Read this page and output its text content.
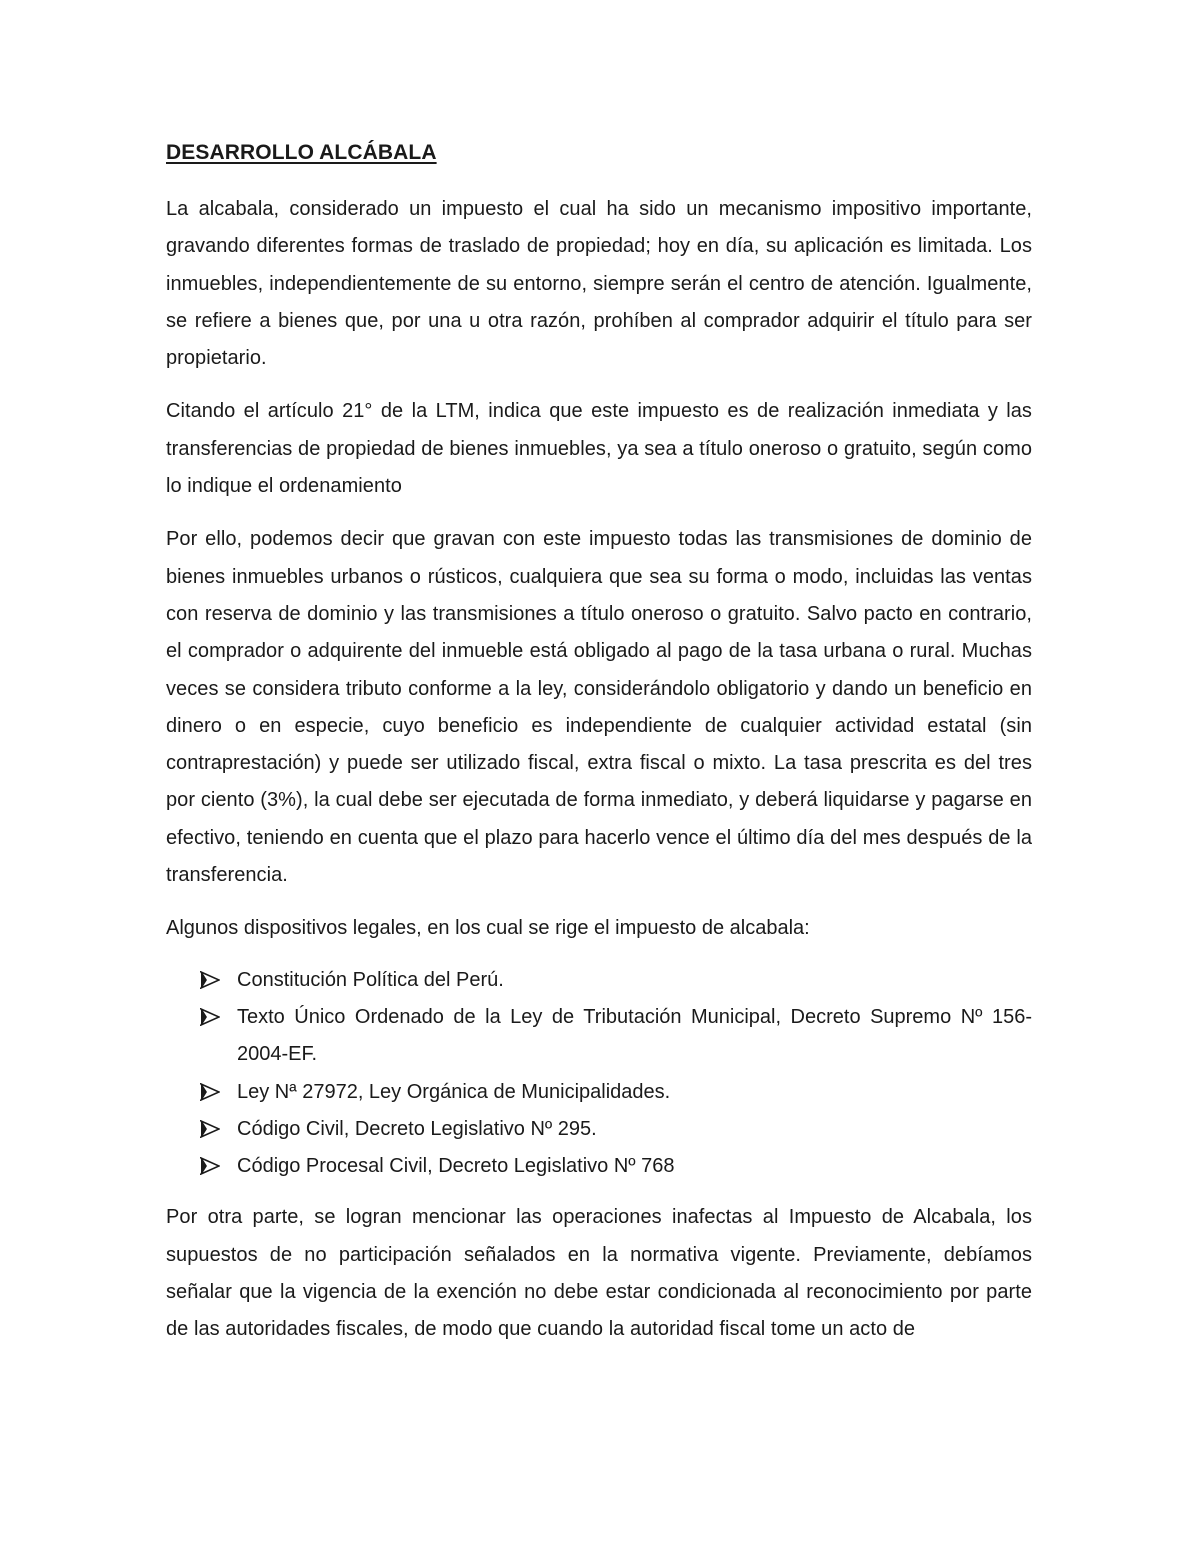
DESARROLLO ALCÁBALA

La alcabala, considerado un impuesto el cual ha sido un mecanismo impositivo importante, gravando diferentes formas de traslado de propiedad; hoy en día, su aplicación es limitada. Los inmuebles, independientemente de su entorno, siempre serán el centro de atención. Igualmente, se refiere a bienes que, por una u otra razón, prohíben al comprador adquirir el título para ser propietario.

Citando el artículo 21° de la LTM, indica que este impuesto es de realización inmediata y las transferencias de propiedad de bienes inmuebles, ya sea a título oneroso o gratuito, según como lo indique el ordenamiento

Por ello, podemos decir que gravan con este impuesto todas las transmisiones de dominio de bienes inmuebles urbanos o rústicos, cualquiera que sea su forma o modo, incluidas las ventas con reserva de dominio y las transmisiones a título oneroso o gratuito. Salvo pacto en contrario, el comprador o adquirente del inmueble está obligado al pago de la tasa urbana o rural. Muchas veces se considera tributo conforme a la ley, considerándolo obligatorio y dando un beneficio en dinero o en especie, cuyo beneficio es independiente de cualquier actividad estatal (sin contraprestación) y puede ser utilizado fiscal, extra fiscal o mixto. La tasa prescrita es del tres por ciento (3%), la cual debe ser ejecutada de forma inmediato, y deberá liquidarse y pagarse en efectivo, teniendo en cuenta que el plazo para hacerlo vence el último día del mes después de la transferencia.

Algunos dispositivos legales, en los cual se rige el impuesto de alcabala:

Constitución Política del Perú.
Texto Único Ordenado de la Ley de Tributación Municipal, Decreto Supremo Nº 156-2004-EF.
Ley Nª 27972, Ley Orgánica de Municipalidades.
Código Civil, Decreto Legislativo Nº 295.
Código Procesal Civil, Decreto Legislativo Nº 768

Por otra parte, se logran mencionar las operaciones inafectas al Impuesto de Alcabala, los supuestos de no participación señalados en la normativa vigente. Previamente, debíamos señalar que la vigencia de la exención no debe estar condicionada al reconocimiento por parte de las autoridades fiscales, de modo que cuando la autoridad fiscal tome un acto de
